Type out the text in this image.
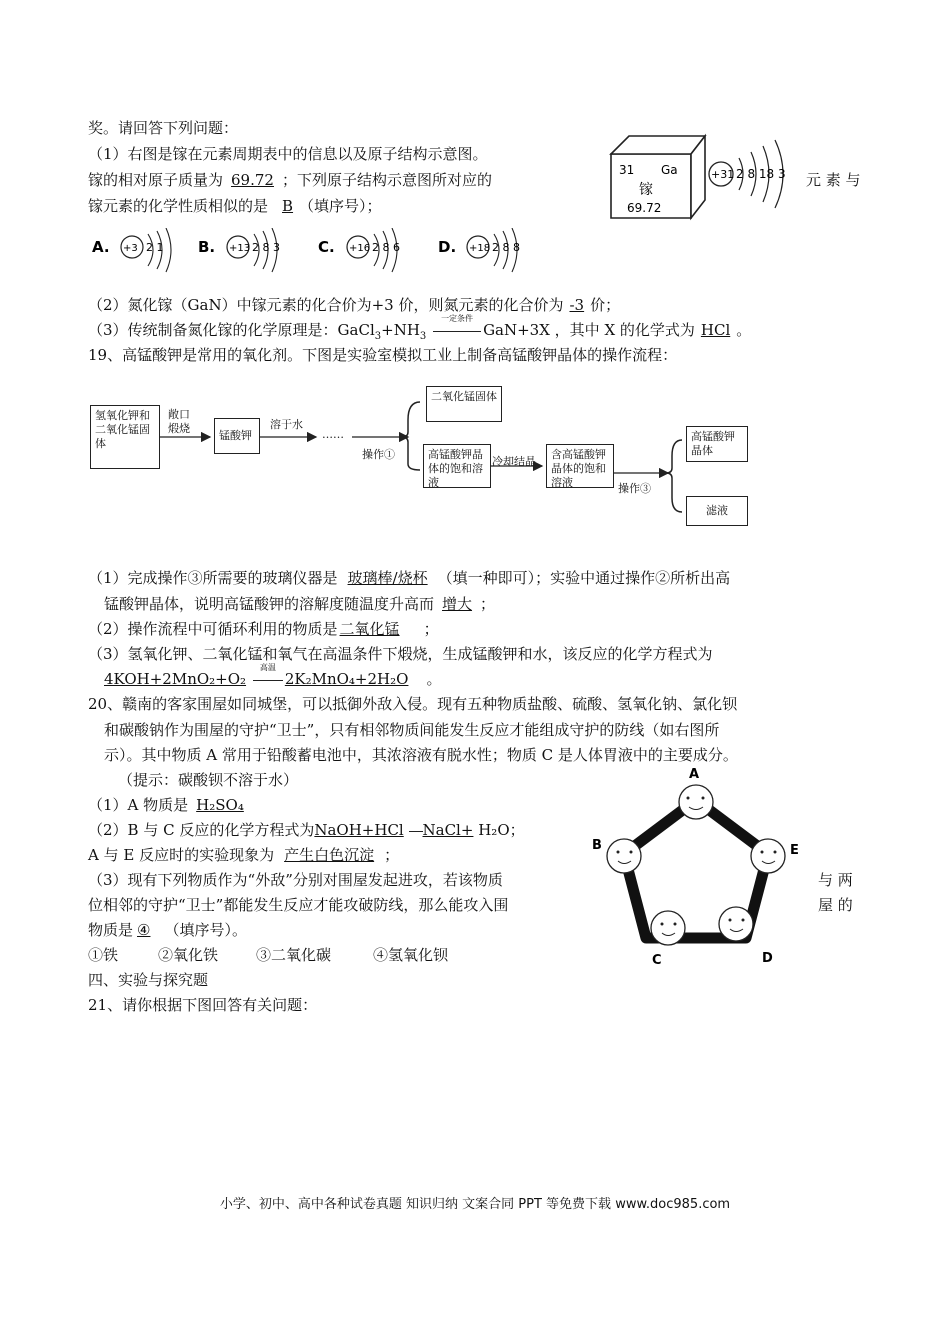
奖。请回答下列问题：
（1）右图是镓在元素周期表中的信息以及原子结构示意图。
镓的相对原子质量为 69.72 ；下列原子结构示意图所对应的	元 素 与
镓元素的化学性质相似的是 B （填序号）；
31 Ga
镓
69.72
+31 2 8 18 3
A. +3 2 1 B. +13 2 8 3	C. +16 2 8 6	D. +18 2 8 8
（2）氮化镓（GaN）中镓元素的化合价为+3 价，则氮元素的化合价为 -3 价；
（3）传统制备氮化镓的化学原理是：$GaCl_3+NH_3$
一定条件
GaN+3X ，其中 X 的化学式为 HCl 。
19、高锰酸钾是常用的氧化剂。下图是实验室模拟工业上制备高锰酸钾晶体的操作流程：
氢氧化钾和二氧化锰固体
敞口煅烧
锰酸钾
溶于水
……
操作①
二氧化锰固体
高锰酸钾晶体的饱和溶液
冷却结晶
含高锰酸钾晶体的饱和溶液	操作③
高锰酸钾晶体
滤液
（1）完成操作③所需要的玻璃仪器是 玻璃棒/烧杯 （填一种即可）；实验中通过操作②所析出高
锰酸钾晶体，说明高锰酸钾的溶解度随温度升高而 增大 ；
（2）操作流程中可循环利用的物质是 二氧化锰 ；
（3）氢氧化钾、二氧化锰和氧气在高温条件下煅烧，生成锰酸钾和水，该反应的化学方程式为
4KOH+2MnO₂+O₂
高温
2K₂MnO₄+2H₂O 。
20、赣南的客家围屋如同城堡，可以抵御外敌入侵。现有五种物质盐酸、硫酸、氢氧化钠、氯化钡
和碳酸钠作为围屋的守护“卫士”，只有相邻物质间能发生反应才能组成守护的防线（如右图所
示）。其中物质 A 常用于铅酸蓄电池中，其浓溶液有脱水性；物质 C 是人体胃液中的主要成分。
（提示：碳酸钡不溶于水）
（1）A 物质是 H₂SO₄
（2）B 与 C 反应的化学方程式为NaOH+HCl NaCl+ H₂O；
A 与 E 反应时的实验现象为 产生白色沉淀 ；
（3）现有下列物质作为“外敌”分别对围屋发起进攻，若该物质	与 两
位相邻的守护“卫士”都能发生反应才能攻破防线，那么能攻入围	屋 的
物质是 ④ （填序号）。
①铁	②氧化铁	③二氧化碳	④氢氧化钡
四、实验与探究题
21、请你根据下图回答有关问题：
A
B	E
C	D
小学、初中、高中各种试卷真题 知识归纳 文案合同 PPT 等免费下载 www.doc985.com
